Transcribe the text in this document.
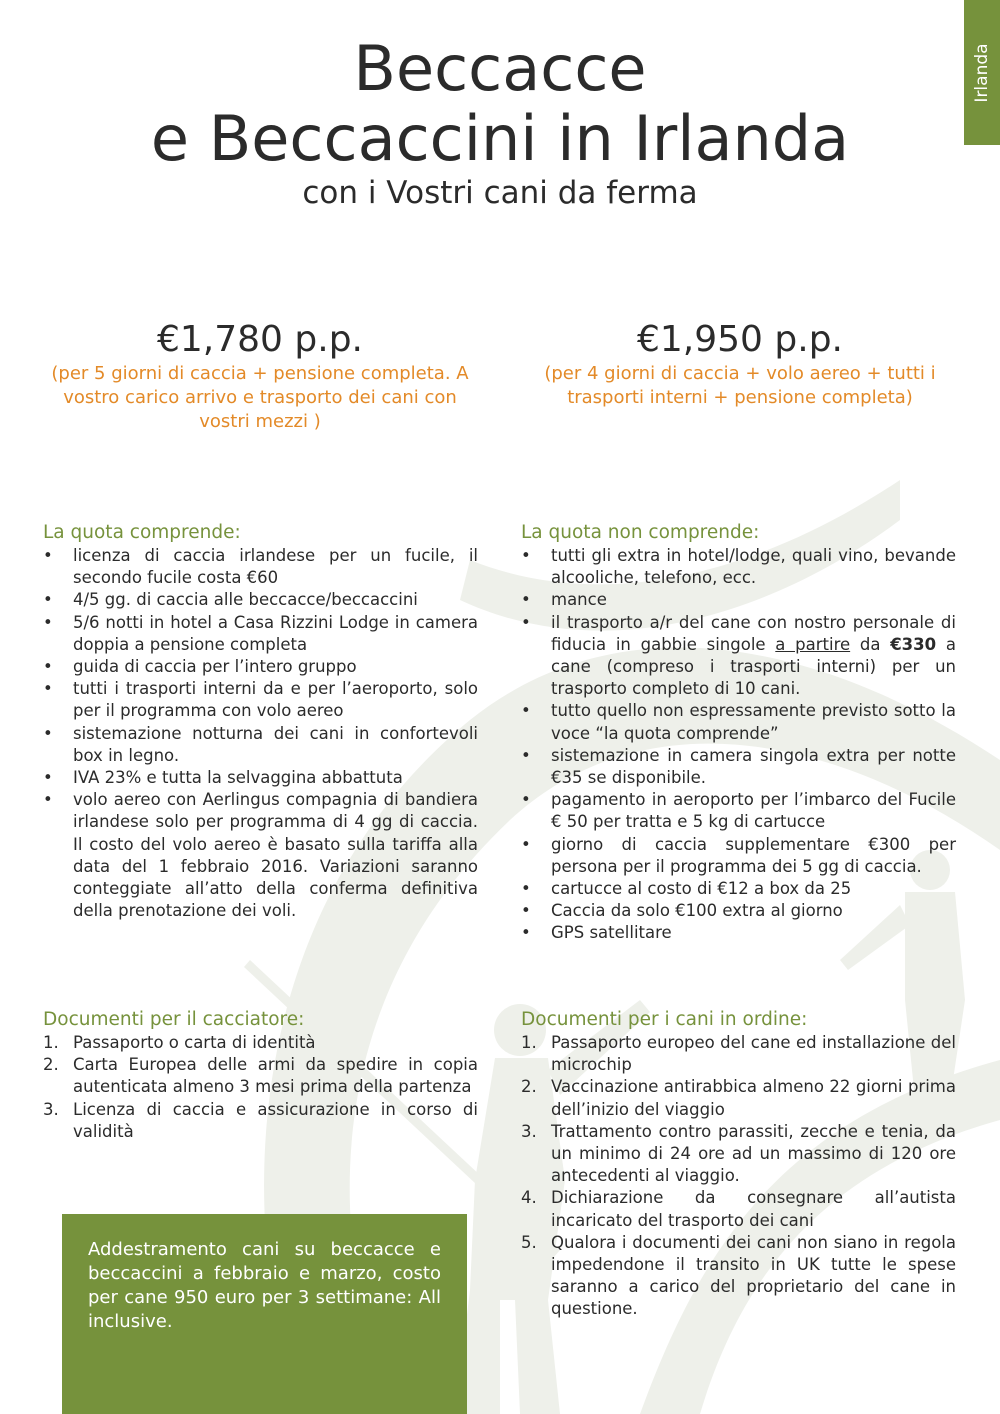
Irlanda
Beccacce
e Beccaccini in Irlanda
con i Vostri cani da ferma
€1,780 p.p.
(per 5 giorni di caccia + pensione completa. A vostro carico arrivo e trasporto dei cani con vostri mezzi )
€1,950 p.p.
(per 4 giorni di caccia + volo aereo + tutti i trasporti interni + pensione completa)
La quota comprende:
• licenza di caccia irlandese per un fucile, il secondo fucile costa €60
• 4/5 gg. di caccia alle beccacce/beccaccini
• 5/6 notti in hotel a Casa Rizzini Lodge in camera doppia a pensione completa
• guida di caccia per l’intero gruppo
• tutti i trasporti interni da e per l’aeroporto, solo per il programma con volo aereo
• sistemazione notturna dei cani in confortevoli box in legno.
• IVA 23% e tutta la selvaggina abbattuta
• volo aereo con Aerlingus compagnia di bandiera irlandese solo per programma di 4 gg di caccia. Il costo del volo aereo è basato sulla tariffa alla data del 1 febbraio 2016. Variazioni saranno conteggiate all’atto della conferma definitiva della prenotazione dei voli.
La quota non comprende:
• tutti gli extra in hotel/lodge, quali vino, bevande alcooliche, telefono, ecc.
• mance
• il trasporto a/r del cane con nostro personale di fiducia in gabbie singole a partire da €330 a cane (compreso i trasporti interni) per un trasporto completo di 10 cani.
• tutto quello non espressamente previsto sotto la voce “la quota comprende”
• sistemazione in camera singola extra per notte €35 se disponibile.
• pagamento in aeroporto per l’imbarco del Fucile € 50 per tratta e 5 kg di cartucce
• giorno di caccia supplementare €300 per persona per il programma dei 5 gg di caccia.
• cartucce al costo di €12 a box da 25
• Caccia da solo €100 extra al giorno
• GPS satellitare
Documenti per il cacciatore:
1. Passaporto o carta di identità
2. Carta Europea delle armi da spedire in copia autenticata almeno 3 mesi prima della partenza
3. Licenza di caccia e assicurazione in corso di validità
Documenti per i cani in ordine:
1. Passaporto europeo del cane ed installazione del microchip
2. Vaccinazione antirabbica almeno 22 giorni prima dell’inizio del viaggio
3. Trattamento contro parassiti, zecche e tenia, da un minimo di 24 ore ad un massimo di 120 ore antecedenti al viaggio.
4. Dichiarazione da consegnare all’autista incaricato del trasporto dei cani
5. Qualora i documenti dei cani non siano in regola impedendone il transito in UK tutte le spese saranno a carico del proprietario del cane in questione.

Addestramento cani su beccacce e beccaccini a febbraio e marzo, costo per cane 950 euro per 3 settimane: All inclusive.
